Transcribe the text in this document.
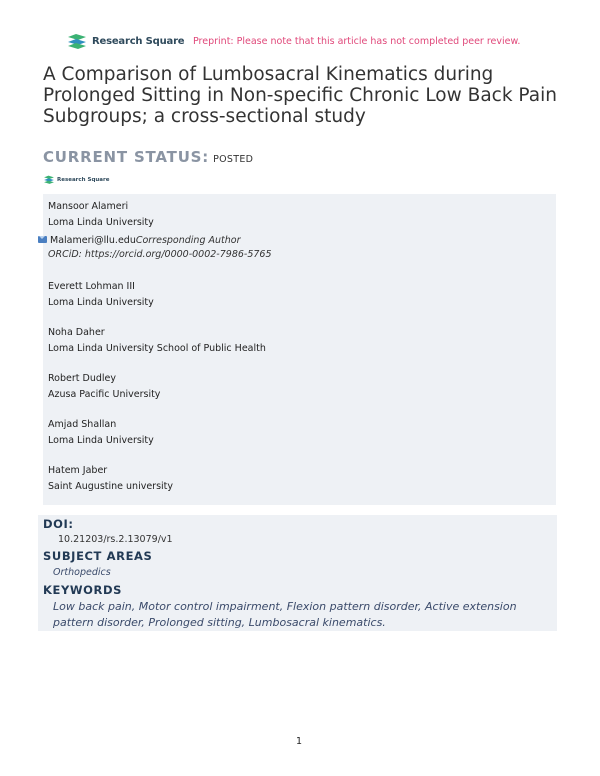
Research Square Preprint: Please note that this article has not completed peer review.
A Comparison of Lumbosacral Kinematics during Prolonged Sitting in Non-specific Chronic Low Back Pain Subgroups; a cross-sectional study
CURRENT STATUS: POSTED
Research Square
Mansoor Alameri
Loma Linda University
Malameri@llu.eduCorresponding Author
ORCiD: https://orcid.org/0000-0002-7986-5765
Everett Lohman III
Loma Linda University
Noha Daher
Loma Linda University School of Public Health
Robert Dudley
Azusa Pacific University
Amjad Shallan
Loma Linda University
Hatem Jaber
Saint Augustine university
DOI:
10.21203/rs.2.13079/v1
SUBJECT AREAS
Orthopedics
KEYWORDS
Low back pain, Motor control impairment, Flexion pattern disorder, Active extension pattern disorder, Prolonged sitting, Lumbosacral kinematics.
1
